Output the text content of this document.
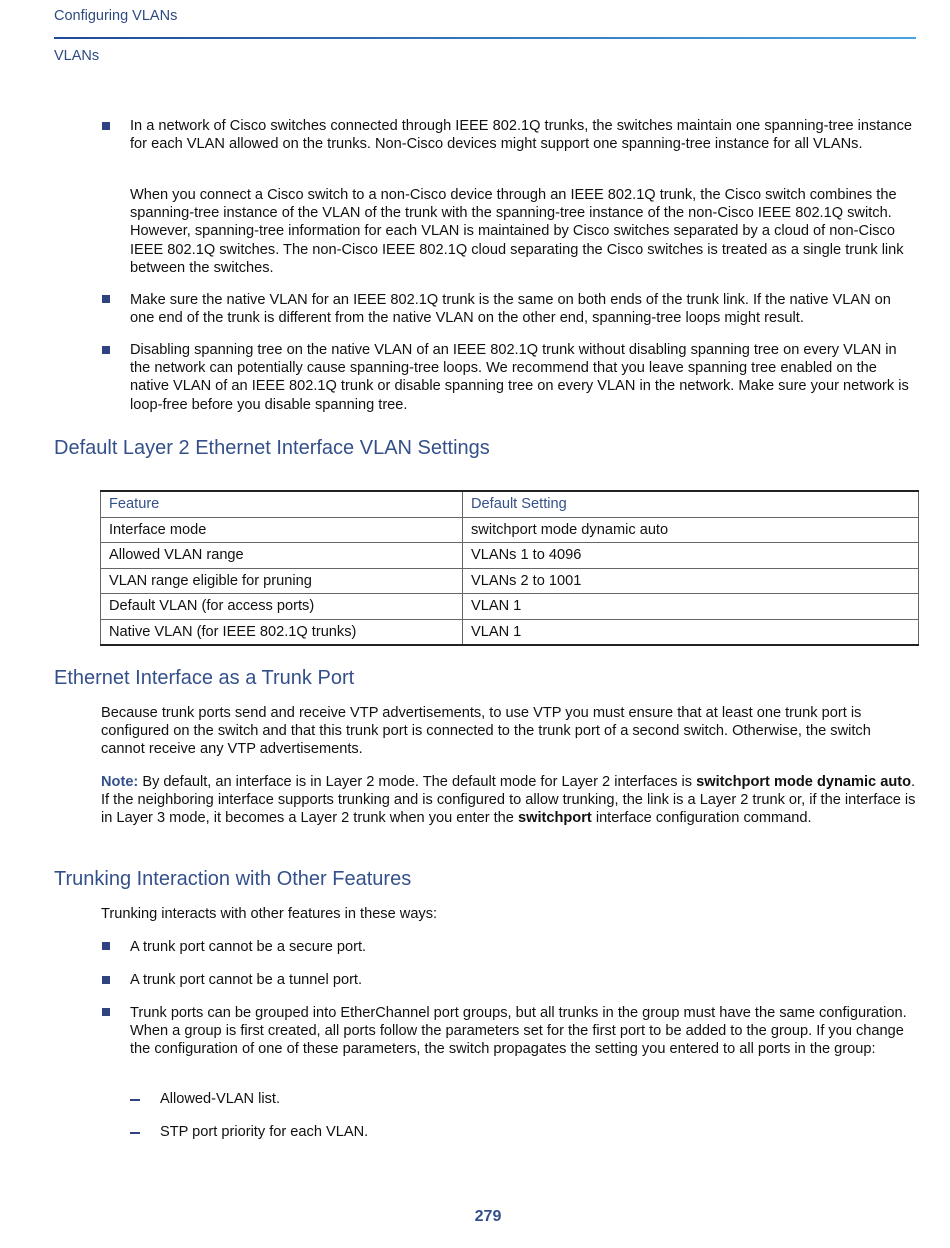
Configuring VLANs
VLANs
In a network of Cisco switches connected through IEEE 802.1Q trunks, the switches maintain one spanning-tree instance for each VLAN allowed on the trunks. Non-Cisco devices might support one spanning-tree instance for all VLANs.
When you connect a Cisco switch to a non-Cisco device through an IEEE 802.1Q trunk, the Cisco switch combines the spanning-tree instance of the VLAN of the trunk with the spanning-tree instance of the non-Cisco IEEE 802.1Q switch. However, spanning-tree information for each VLAN is maintained by Cisco switches separated by a cloud of non-Cisco IEEE 802.1Q switches. The non-Cisco IEEE 802.1Q cloud separating the Cisco switches is treated as a single trunk link between the switches.
Make sure the native VLAN for an IEEE 802.1Q trunk is the same on both ends of the trunk link. If the native VLAN on one end of the trunk is different from the native VLAN on the other end, spanning-tree loops might result.
Disabling spanning tree on the native VLAN of an IEEE 802.1Q trunk without disabling spanning tree on every VLAN in the network can potentially cause spanning-tree loops. We recommend that you leave spanning tree enabled on the native VLAN of an IEEE 802.1Q trunk or disable spanning tree on every VLAN in the network. Make sure your network is loop-free before you disable spanning tree.
Default Layer 2 Ethernet Interface VLAN Settings
Feature	Default Setting
Interface mode	switchport mode dynamic auto
Allowed VLAN range	VLANs 1 to 4096
VLAN range eligible for pruning	VLANs 2 to 1001
Default VLAN (for access ports)	VLAN 1
Native VLAN (for IEEE 802.1Q trunks)	VLAN 1
Ethernet Interface as a Trunk Port
Because trunk ports send and receive VTP advertisements, to use VTP you must ensure that at least one trunk port is configured on the switch and that this trunk port is connected to the trunk port of a second switch. Otherwise, the switch cannot receive any VTP advertisements.
Note: By default, an interface is in Layer 2 mode. The default mode for Layer 2 interfaces is switchport mode dynamic auto. If the neighboring interface supports trunking and is configured to allow trunking, the link is a Layer 2 trunk or, if the interface is in Layer 3 mode, it becomes a Layer 2 trunk when you enter the switchport interface configuration command.
Trunking Interaction with Other Features
Trunking interacts with other features in these ways:
A trunk port cannot be a secure port.
A trunk port cannot be a tunnel port.
Trunk ports can be grouped into EtherChannel port groups, but all trunks in the group must have the same configuration. When a group is first created, all ports follow the parameters set for the first port to be added to the group. If you change the configuration of one of these parameters, the switch propagates the setting you entered to all ports in the group:
Allowed-VLAN list.
STP port priority for each VLAN.
279
